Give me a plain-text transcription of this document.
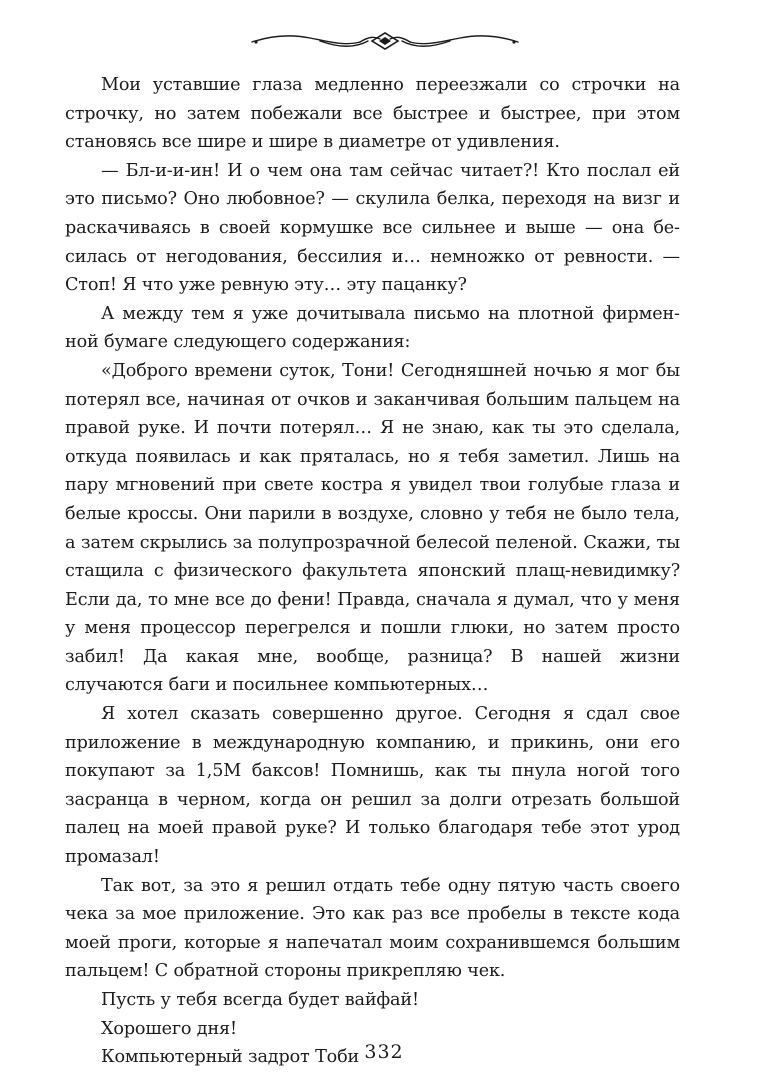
Мои уставшие глаза медленно переезжали со строчки на строчку, но затем побежали все быстрее и быстрее, при этом становясь все шире и шире в диаметре от удивления.

— Бл-и-и-ин! И о чем она там сейчас читает?! Кто послал ей это письмо? Оно любовное? — скулила белка, переходя на визг и раскачиваясь в своей кормушке все сильнее и выше — она бесилась от негодования, бессилия и… немножко от ревности. — Стоп! Я что уже ревную эту… эту пацанку?

А между тем я уже дочитывала письмо на плотной фирменной бумаге следующего содержания:

«Доброго времени суток, Тони! Сегодняшней ночью я мог бы потерял все, начиная от очков и заканчивая большим пальцем на правой руке. И почти потерял… Я не знаю, как ты это сделала, откуда появилась и как пряталась, но я тебя заметил. Лишь на пару мгновений при свете костра я увидел твои голубые глаза и белые кроссы. Они парили в воздухе, словно у тебя не было тела, а затем скрылись за полупрозрачной белесой пеленой. Скажи, ты стащила с физического факультета японский плащ-невидимку? Если да, то мне все до фени! Правда, сначала я думал, что у меня у меня процессор перегрелся и пошли глюки, но затем просто забил! Да какая мне, вообще, разница? В нашей жизни случаются баги и посильнее компьютерных…

Я хотел сказать совершенно другое. Сегодня я сдал свое приложение в международную компанию, и прикинь, они его покупают за 1,5М баксов! Помнишь, как ты пнула ногой того засранца в черном, когда он решил за долги отрезать большой палец на моей правой руке? И только благодаря тебе этот урод промазал!

Так вот, за это я решил отдать тебе одну пятую часть своего чека за мое приложение. Это как раз все пробелы в тексте кода моей проги, которые я напечатал моим сохранившемся большим пальцем! С обратной стороны прикрепляю чек.

Пусть у тебя всегда будет вайфай!

Хорошего дня!

Компьютерный задрот Тоби 332
